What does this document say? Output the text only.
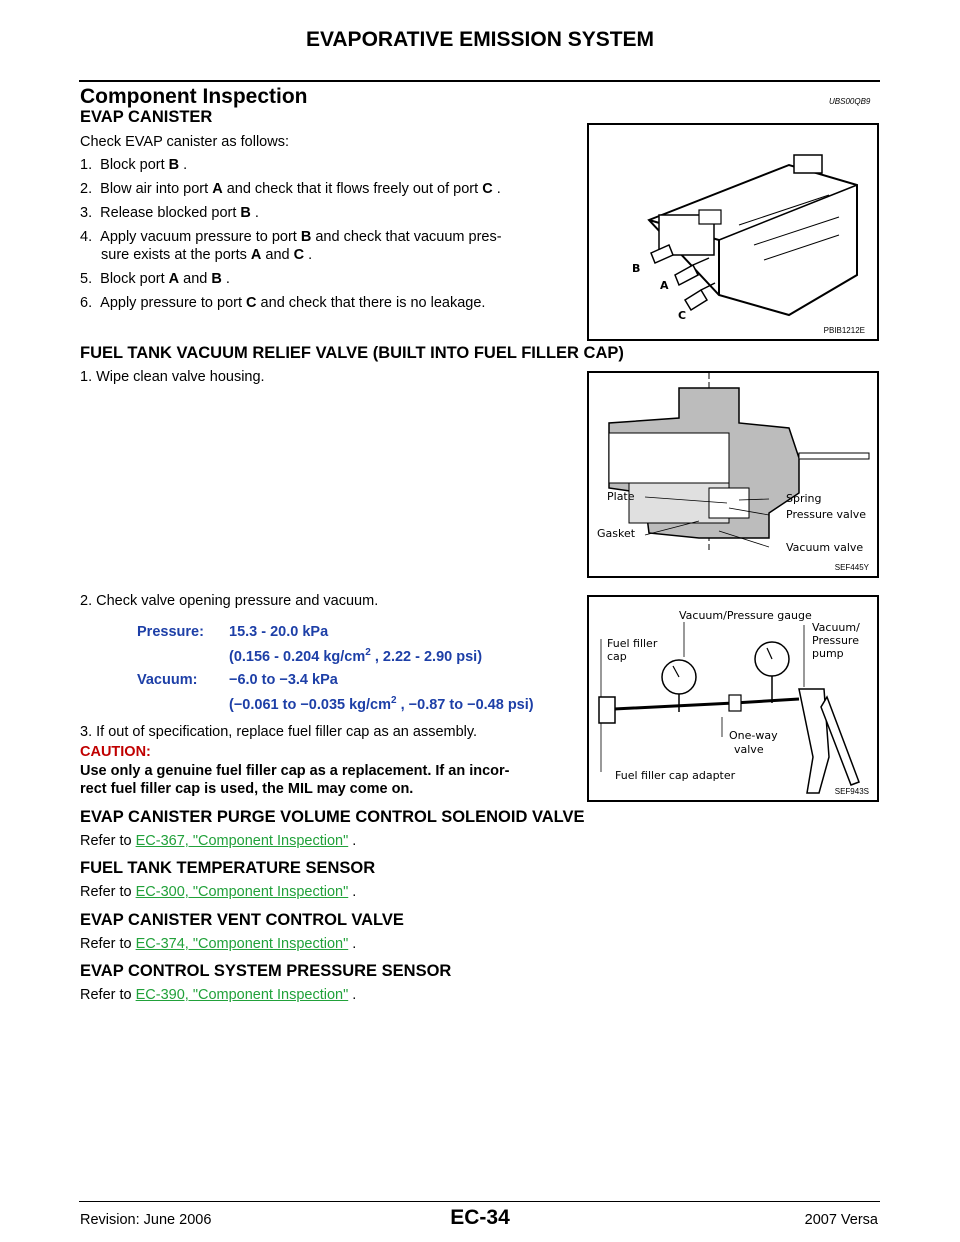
EVAPORATIVE EMISSION SYSTEM
Component Inspection	UBS00QB9
EVAP CANISTER
Check EVAP canister as follows:
1. Block port B .
2. Blow air into port A and check that it flows freely out of port C .
3. Release blocked port B .
4. Apply vacuum pressure to port B and check that vacuum pres-
sure exists at the ports A and C .
5. Block port A and B .
6. Apply pressure to port C and check that there is no leakage.
B
A
C
PBIB1212E
FUEL TANK VACUUM RELIEF VALVE (BUILT INTO FUEL FILLER CAP)
1. Wipe clean valve housing.
Plate	Spring
Pressure valve
Gasket
Vacuum valve
SEF445Y
2. Check valve opening pressure and vacuum.
Pressure: 15.3 - 20.0 kPa
(0.156 - 0.204 $kg/cm^2$ , 2.22 - 2.90 psi)
Vacuum: −6.0 to −3.4 kPa
(−0.061 to −0.035 $kg/cm^2$ , −0.87 to −0.48 psi)
3. If out of specification, replace fuel filler cap as an assembly.
CAUTION:
Use only a genuine fuel filler cap as a replacement. If an incor-
rect fuel filler cap is used, the MIL may come on.
Vacuum/Pressure gauge
Fuel filler
cap
Vacuum/
Pressure
pump
One-way
valve
Fuel filler cap adapter
SEF943S
EVAP CANISTER PURGE VOLUME CONTROL SOLENOID VALVE
Refer to EC-367, "Component Inspection" .
FUEL TANK TEMPERATURE SENSOR
Refer to EC-300, "Component Inspection" .
EVAP CANISTER VENT CONTROL VALVE
Refer to EC-374, "Component Inspection" .
EVAP CONTROL SYSTEM PRESSURE SENSOR
Refer to EC-390, "Component Inspection" .
Revision: June 2006	EC-34	2007 Versa
